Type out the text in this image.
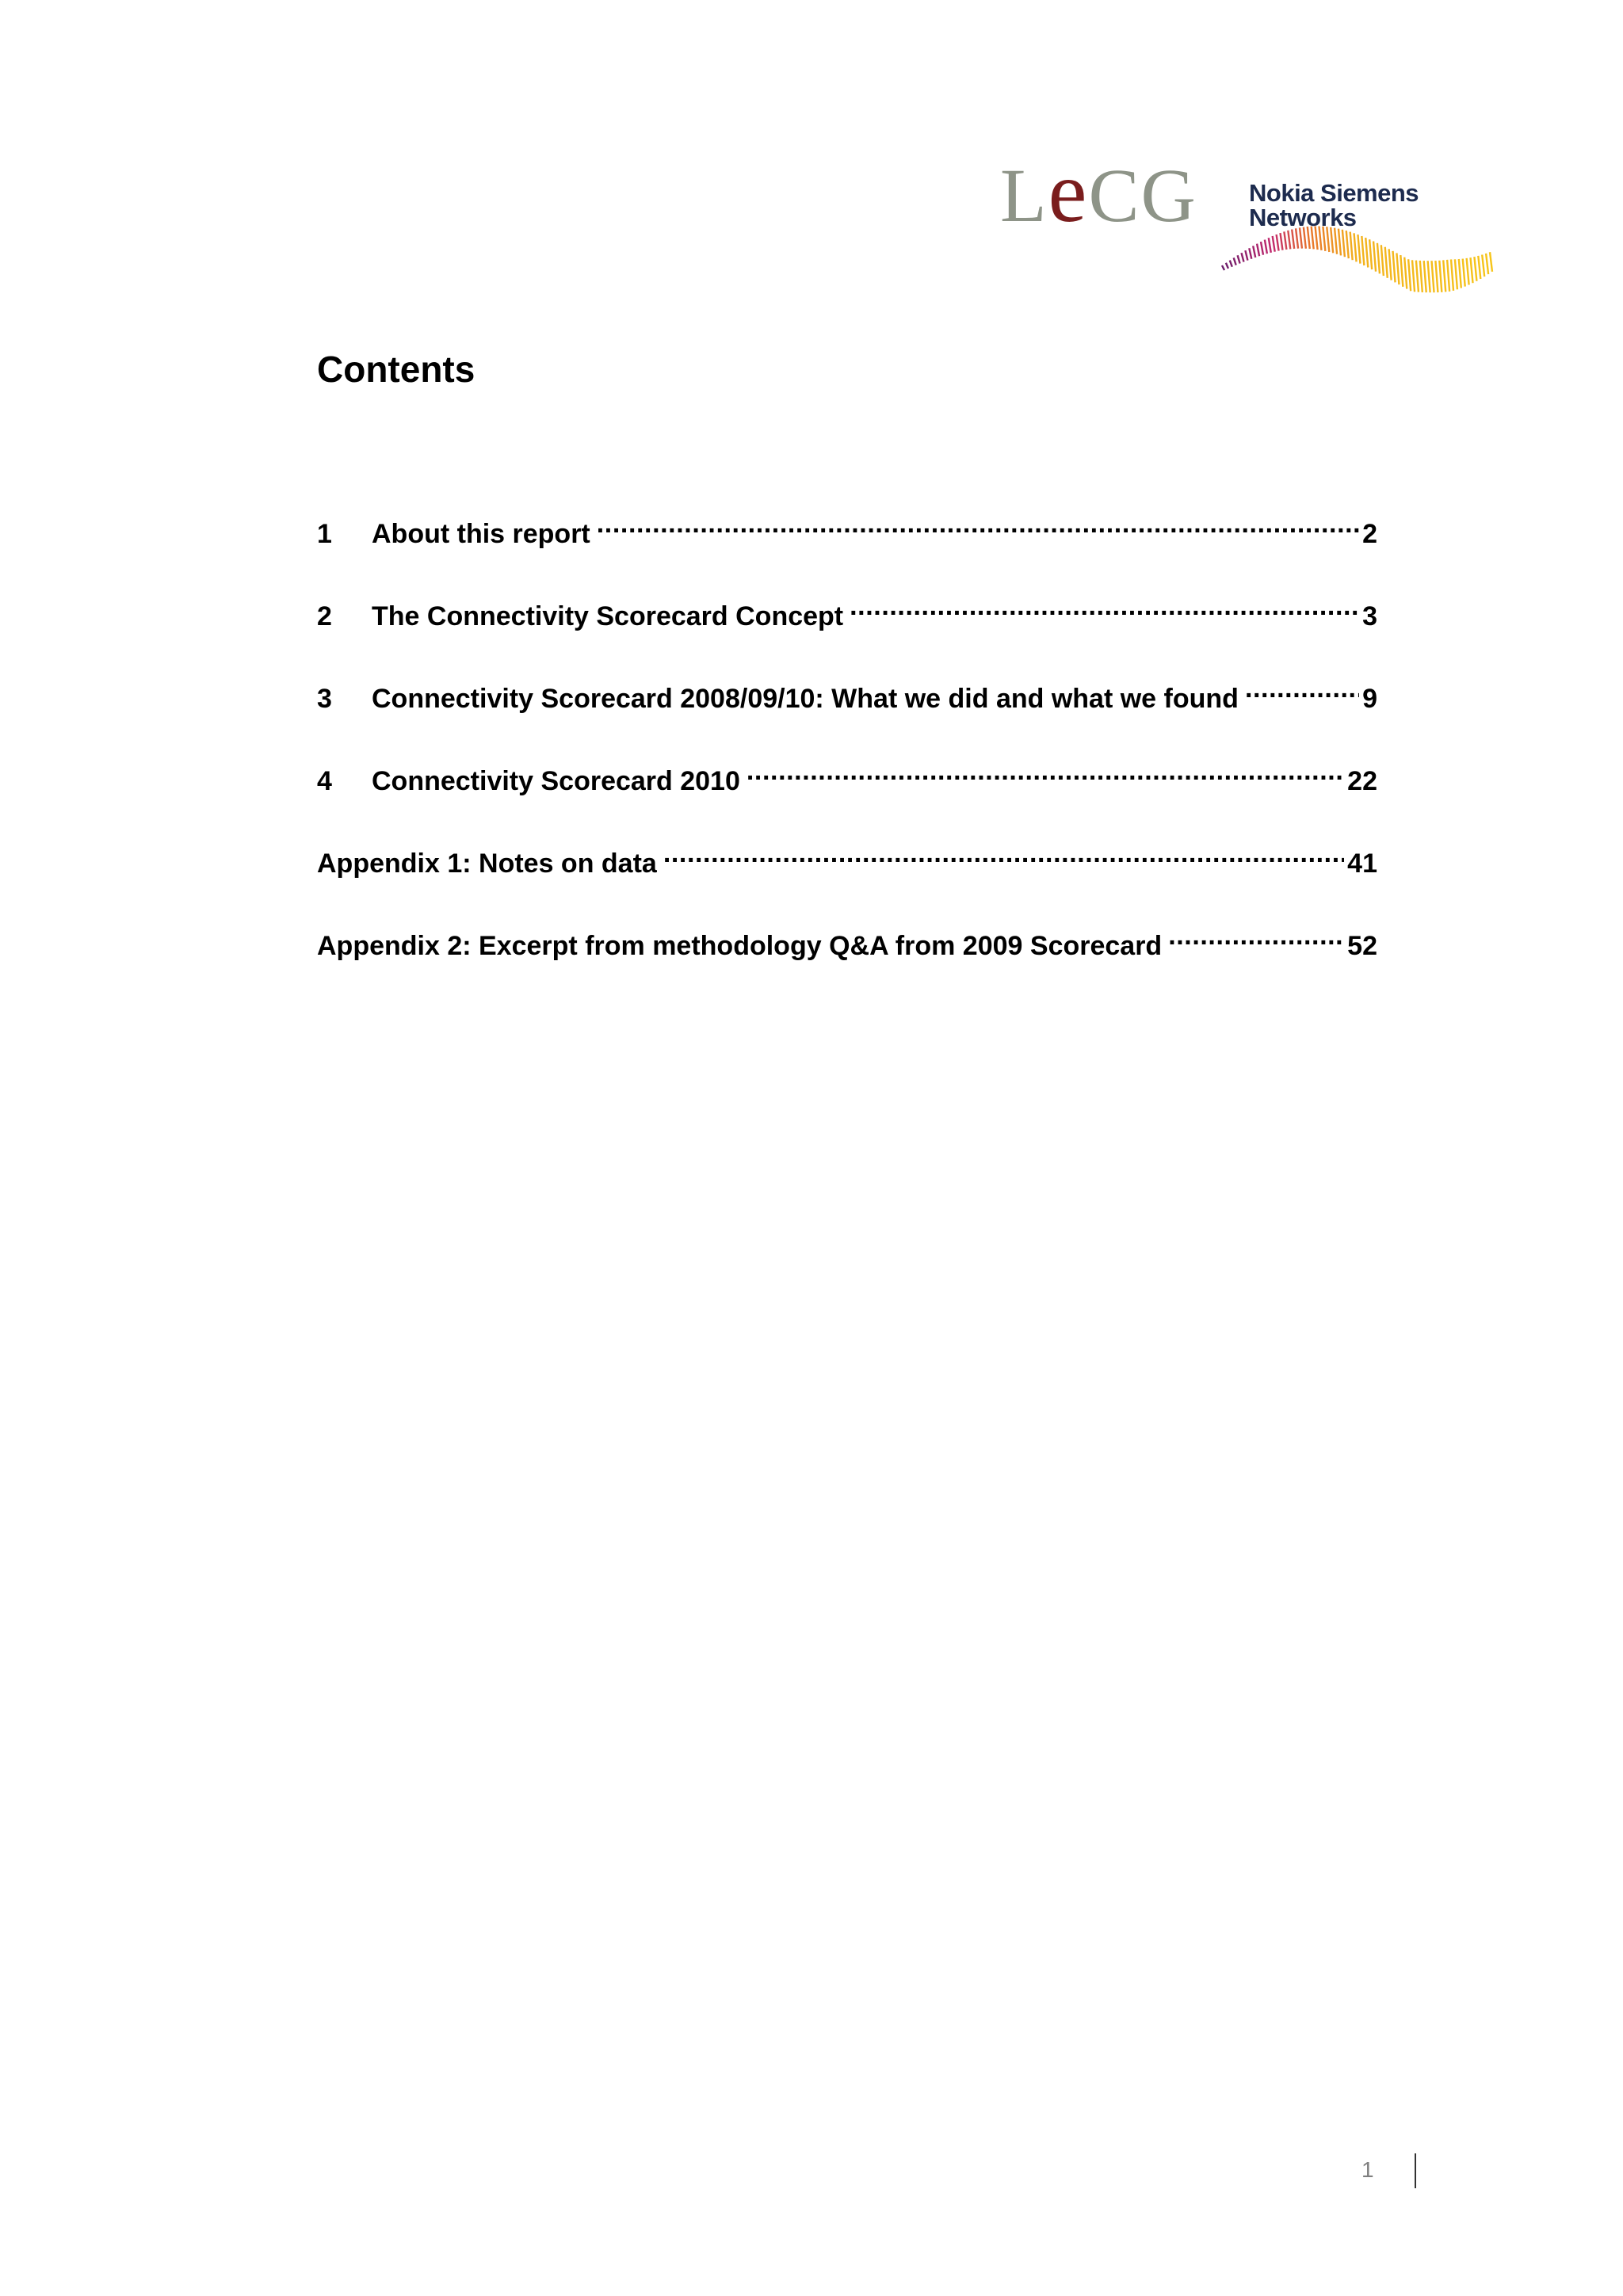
LeCG Nokia Siemens
Networks
Contents
1	About this report .....	2
2	The Connectivity Scorecard Concept .....	3
3	Connectivity Scorecard 2008/09/10: What we did and what we found .....	9
4	Connectivity Scorecard 2010 .....	22
Appendix 1: Notes on data .....	41
Appendix 2: Excerpt from methodology Q&A from 2009 Scorecard .....	52
1
